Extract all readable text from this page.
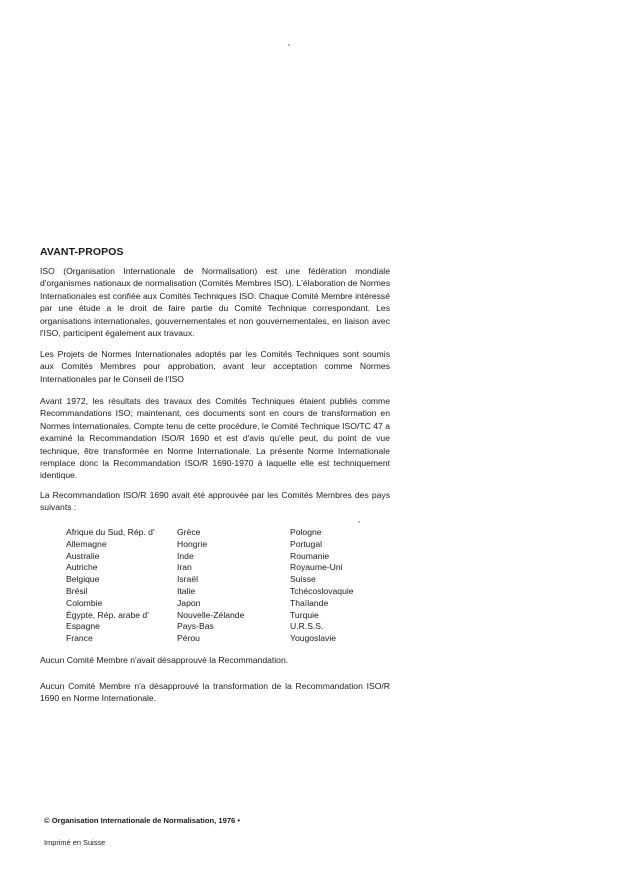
AVANT-PROPOS

ISO (Organisation Internationale de Normalisation) est une fédération mondiale d'organismes nationaux de normalisation (Comités Membres ISO). L'élaboration de Normes Internationales est confiée aux Comités Techniques ISO. Chaque Comité Membre intéressé par une étude a le droit de faire partie du Comité Technique correspondant. Les organisations internationales, gouvernementales et non gouvernementales, en liaison avec l'ISO, participent également aux travaux.

Les Projets de Normes Internationales adoptés par les Comités Techniques sont soumis aux Comités Membres pour approbation, avant leur acceptation comme Normes Internationales par le Conseil de l'ISO

Avant 1972, les résultats des travaux des Comités Techniques étaient publiés comme Recommandations ISO; maintenant, ces documents sont en cours de transformation en Normes Internationales. Compte tenu de cette procédure, le Comité Technique ISO/TC 47 a examiné la Recommandation ISO/R 1690 et est d'avis qu'elle peut, du point de vue technique, être transformée en Norme Internationale. La présente Norme Internationale remplace donc la Recommandation ISO/R 1690-1970 à laquelle elle est techniquement identique.

La Recommandation ISO/R 1690 avait été approuvée par les Comités Membres des pays suivants :

Afrique du Sud, Rép. d'
Allemagne
Australie
Autriche
Belgique
Brésil
Colombie
Égypte, Rép. arabe d'
Espagne
France
Grèce
Hongrie
Inde
Iran
Israël
Italie
Japon
Nouvelle-Zélande
Pays-Bas
Pérou
Pologne
Portugal
Roumanie
Royaume-Uni
Suisse
Tchécoslovaquie
Thaïlande
Turquie
U.R.S.S.
Yougoslavie

Aucun Comité Membre n'avait désapprouvé la Recommandation.

Aucun Comité Membre n'a désapprouvé la transformation de la Recommandation ISO/R 1690 en Norme Internationale.

© Organisation Internationale de Normalisation, 1976 •
Imprimé en Suisse
